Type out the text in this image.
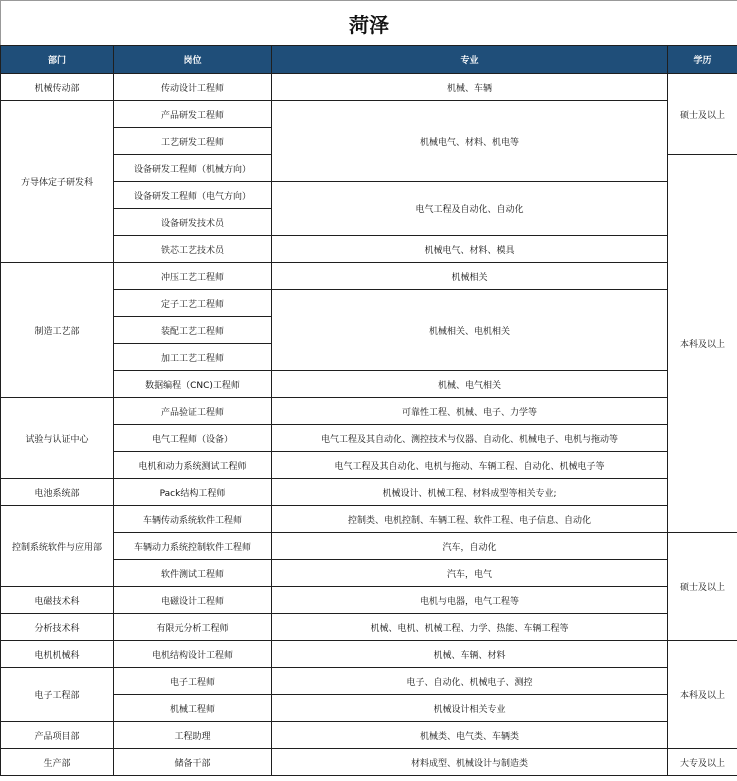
菏泽			
部门	岗位	专业	学历
机械传动部	传动设计工程师	机械、车辆	硕士及以上
方导体定子研发科	产品研发工程师	机械电气、材料、机电等	
	工艺研发工程师		
	设备研发工程师（机械方向）		本科及以上
	设备研发工程师（电气方向）	电气工程及自动化、自动化	
	设备研发技术员		
	铁芯工艺技术员	机械电气、材料、模具	
制造工艺部	冲压工艺工程师	机械相关	
	定子工艺工程师	机械相关、电机相关	
	装配工艺工程师		
	加工工艺工程师		
	数据编程（CNC)工程师	机械、电气相关	
试验与认证中心	产品验证工程师	可靠性工程、机械、电子、力学等	
	电气工程师（设备）	电气工程及其自动化、测控技术与仪器、自动化、机械电子、电机与拖动等	
	电机和动力系统测试工程师	电气工程及其自动化、电机与拖动、车辆工程、自动化、机械电子等	
电池系统部	Pack结构工程师	机械设计、机械工程、材料成型等相关专业;	
控制系统软件与应用部	车辆传动系统软件工程师	控制类、电机控制、车辆工程、软件工程、电子信息、自动化	
	车辆动力系统控制软件工程师	汽车，自动化	硕士及以上
	软件测试工程师	汽车，电气	
电磁技术科	电磁设计工程师	电机与电器，电气工程等	
分析技术科	有限元分析工程师	机械、电机、机械工程、力学、热能、车辆工程等	
电机机械科	电机结构设计工程师	机械、车辆、材料	本科及以上
电子工程部	电子工程师	电子、自动化、机械电子、测控	
	机械工程师	机械设计相关专业	
产品项目部	工程助理	机械类、电气类、车辆类	
生产部	储备干部	材料成型、机械设计与制造类	大专及以上
